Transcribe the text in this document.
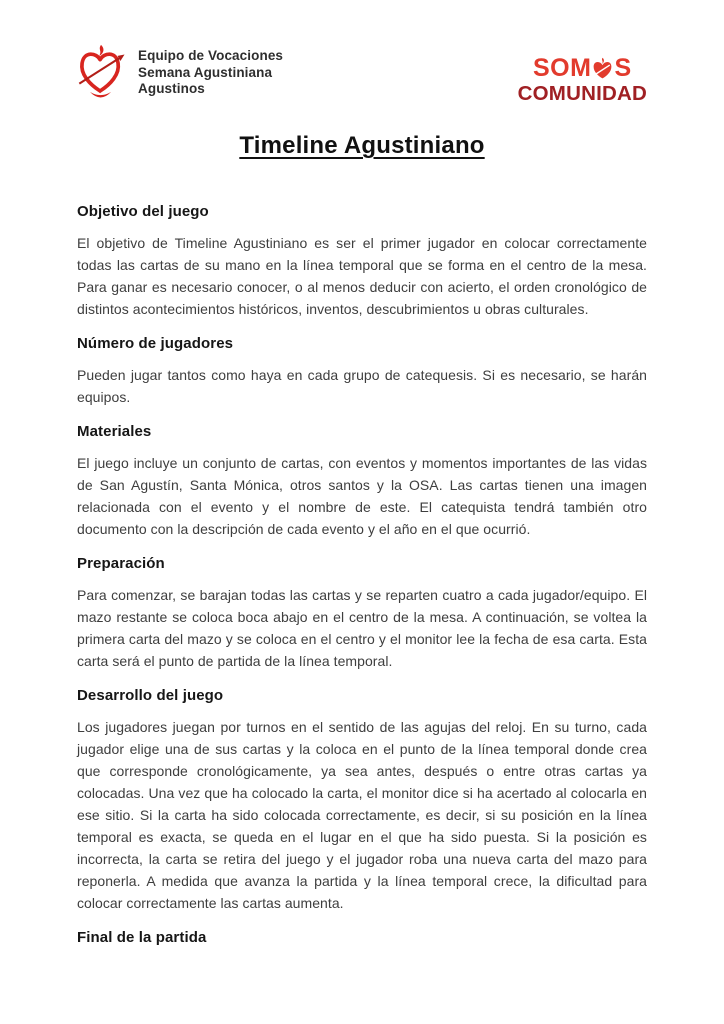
Equipo de Vocaciones
Semana Agustiniana
Agustinos
SOM S
COMUNIDAD
Timeline Agustiniano
Objetivo del juego

El objetivo de Timeline Agustiniano es ser el primer jugador en colocar correctamente todas las cartas de su mano en la línea temporal que se forma en el centro de la mesa. Para ganar es necesario conocer, o al menos deducir con acierto, el orden cronológico de distintos acontecimientos históricos, inventos, descubrimientos u obras culturales.

Número de jugadores

Pueden jugar tantos como haya en cada grupo de catequesis. Si es necesario, se harán equipos.

Materiales

El juego incluye un conjunto de cartas, con eventos y momentos importantes de las vidas de San Agustín, Santa Mónica, otros santos y la OSA. Las cartas tienen una imagen relacionada con el evento y el nombre de este. El catequista tendrá también otro documento con la descripción de cada evento y el año en el que ocurrió.

Preparación

Para comenzar, se barajan todas las cartas y se reparten cuatro a cada jugador/equipo. El mazo restante se coloca boca abajo en el centro de la mesa. A continuación, se voltea la primera carta del mazo y se coloca en el centro y el monitor lee la fecha de esa carta. Esta carta será el punto de partida de la línea temporal.

Desarrollo del juego

Los jugadores juegan por turnos en el sentido de las agujas del reloj. En su turno, cada jugador elige una de sus cartas y la coloca en el punto de la línea temporal donde crea que corresponde cronológicamente, ya sea antes, después o entre otras cartas ya colocadas. Una vez que ha colocado la carta, el monitor dice si ha acertado al colocarla en ese sitio. Si la carta ha sido colocada correctamente, es decir, si su posición en la línea temporal es exacta, se queda en el lugar en el que ha sido puesta. Si la posición es incorrecta, la carta se retira del juego y el jugador roba una nueva carta del mazo para reponerla. A medida que avanza la partida y la línea temporal crece, la dificultad para colocar correctamente las cartas aumenta.

Final de la partida
